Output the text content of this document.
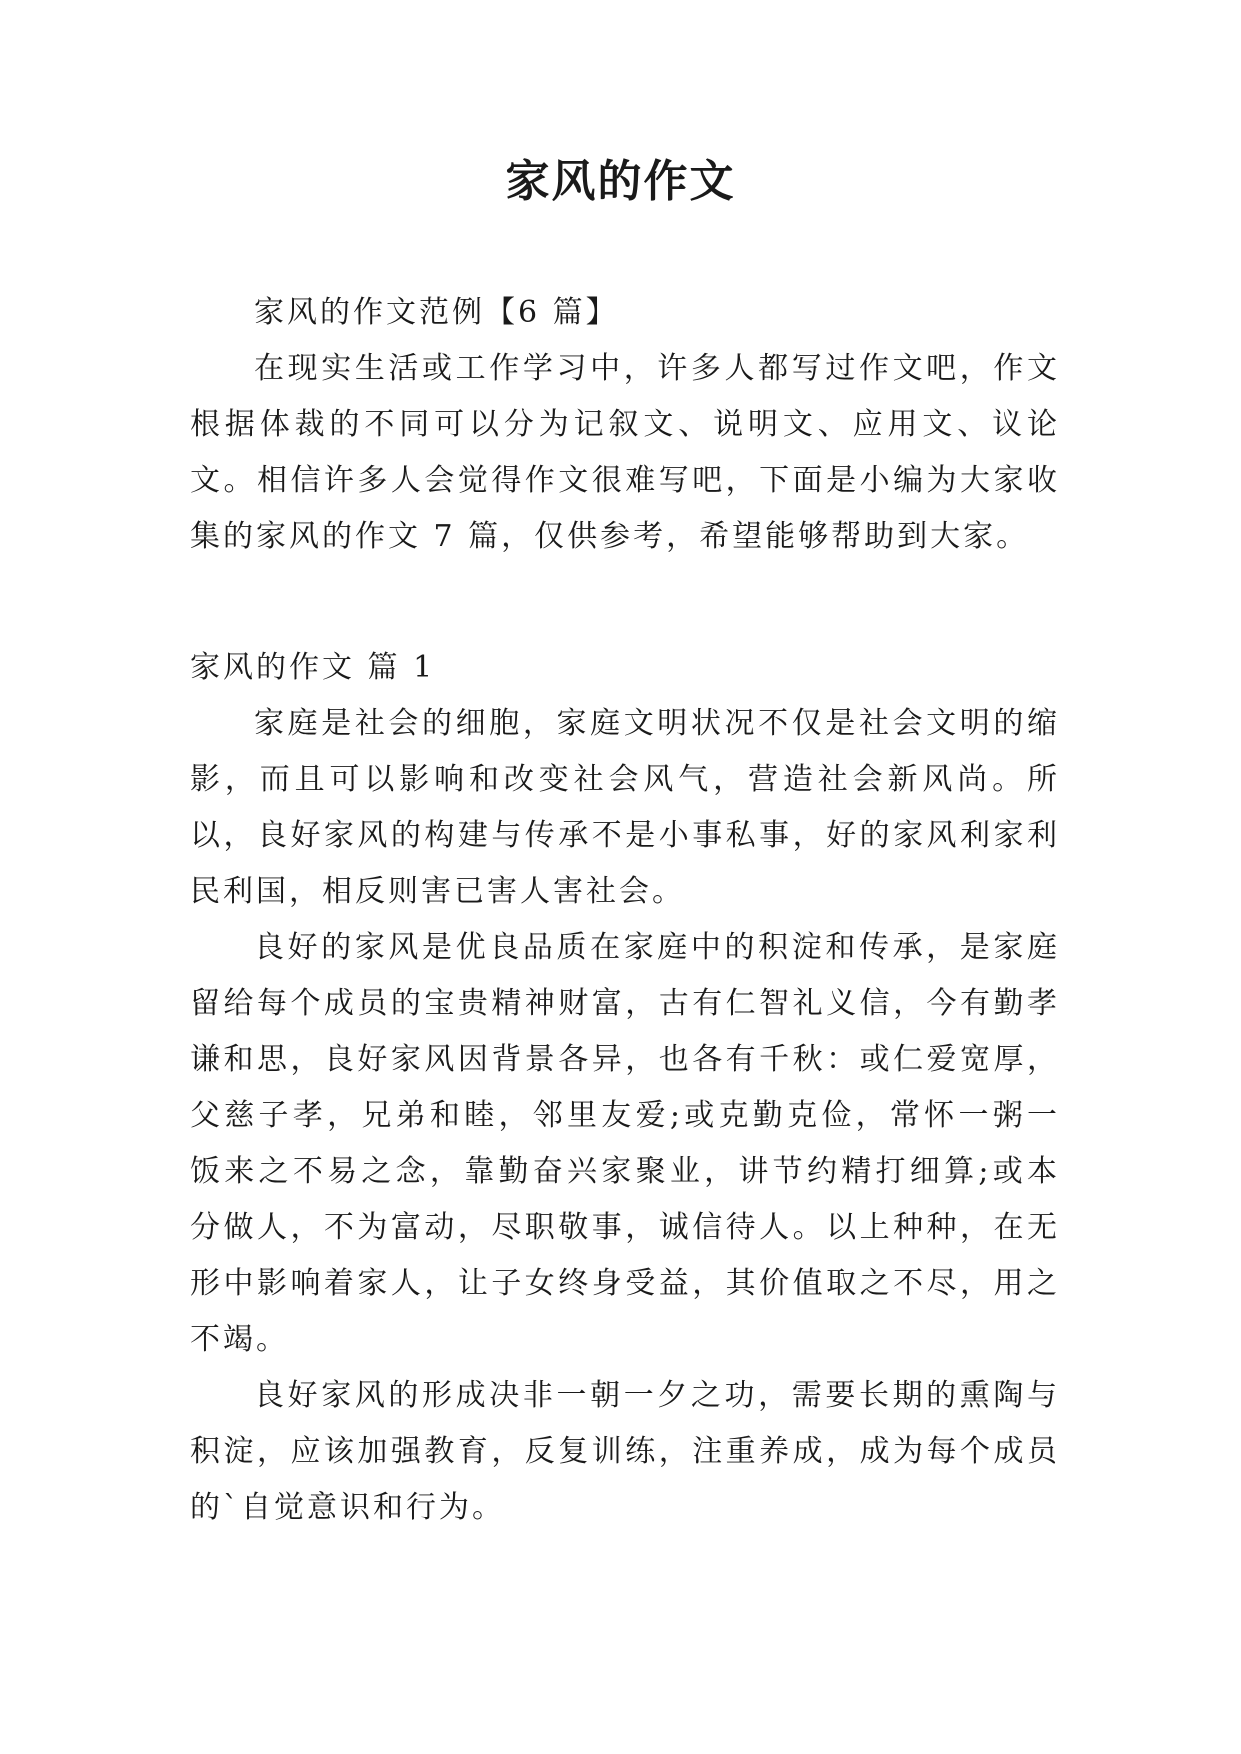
家风的作文

家风的作文范例【6 篇】

在现实生活或工作学习中，许多人都写过作文吧，作文根据体裁的不同可以分为记叙文、说明文、应用文、议论文。相信许多人会觉得作文很难写吧，下面是小编为大家收集的家风的作文 7 篇，仅供参考，希望能够帮助到大家。

家风的作文 篇 1

家庭是社会的细胞，家庭文明状况不仅是社会文明的缩影，而且可以影响和改变社会风气，营造社会新风尚。所以，良好家风的构建与传承不是小事私事，好的家风利家利民利国，相反则害已害人害社会。

良好的家风是优良品质在家庭中的积淀和传承，是家庭留给每个成员的宝贵精神财富，古有仁智礼义信，今有勤孝谦和思，良好家风因背景各异，也各有千秋：或仁爱宽厚，父慈子孝，兄弟和睦，邻里友爱;或克勤克俭，常怀一粥一饭来之不易之念，靠勤奋兴家聚业，讲节约精打细算;或本分做人，不为富动，尽职敬事，诚信待人。以上种种，在无形中影响着家人，让子女终身受益，其价值取之不尽，用之不竭。

良好家风的形成决非一朝一夕之功，需要长期的熏陶与积淀，应该加强教育，反复训练，注重养成，成为每个成员的`自觉意识和行为。
